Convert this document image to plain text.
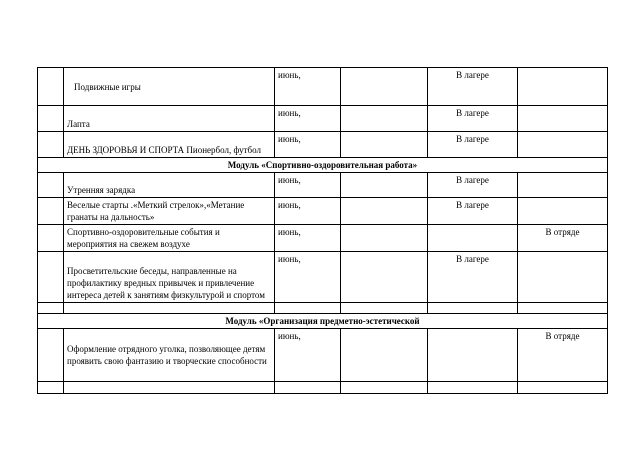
	Подвижные игры	июнь,		В лагере	
	Лапта	июнь,		В лагере	
	ДЕНЬ ЗДОРОВЬЯ И СПОРТА Пионербол, футбол	июнь,		В лагере	
Модуль «Спортивно-оздоровительная работа»					
	Утренняя зарядка	июнь,		В лагере	
	Веселые старты .«Меткий стрелок»,«Метание гранаты на дальность»	июнь,		В лагере	
	Спортивно-оздоровительные события и мероприятия на свежем воздухе	июнь,			В отряде
	Просветительские беседы, направленные на профилактику вредных привычек и привлечение интереса детей к занятиям физкультурой и спортом	июнь,		В лагере	

Модуль «Организация предметно-эстетической					
	Оформление отрядного уголка, позволяющее детям проявить свою фантазию и творческие способности	июнь,			В отряде
